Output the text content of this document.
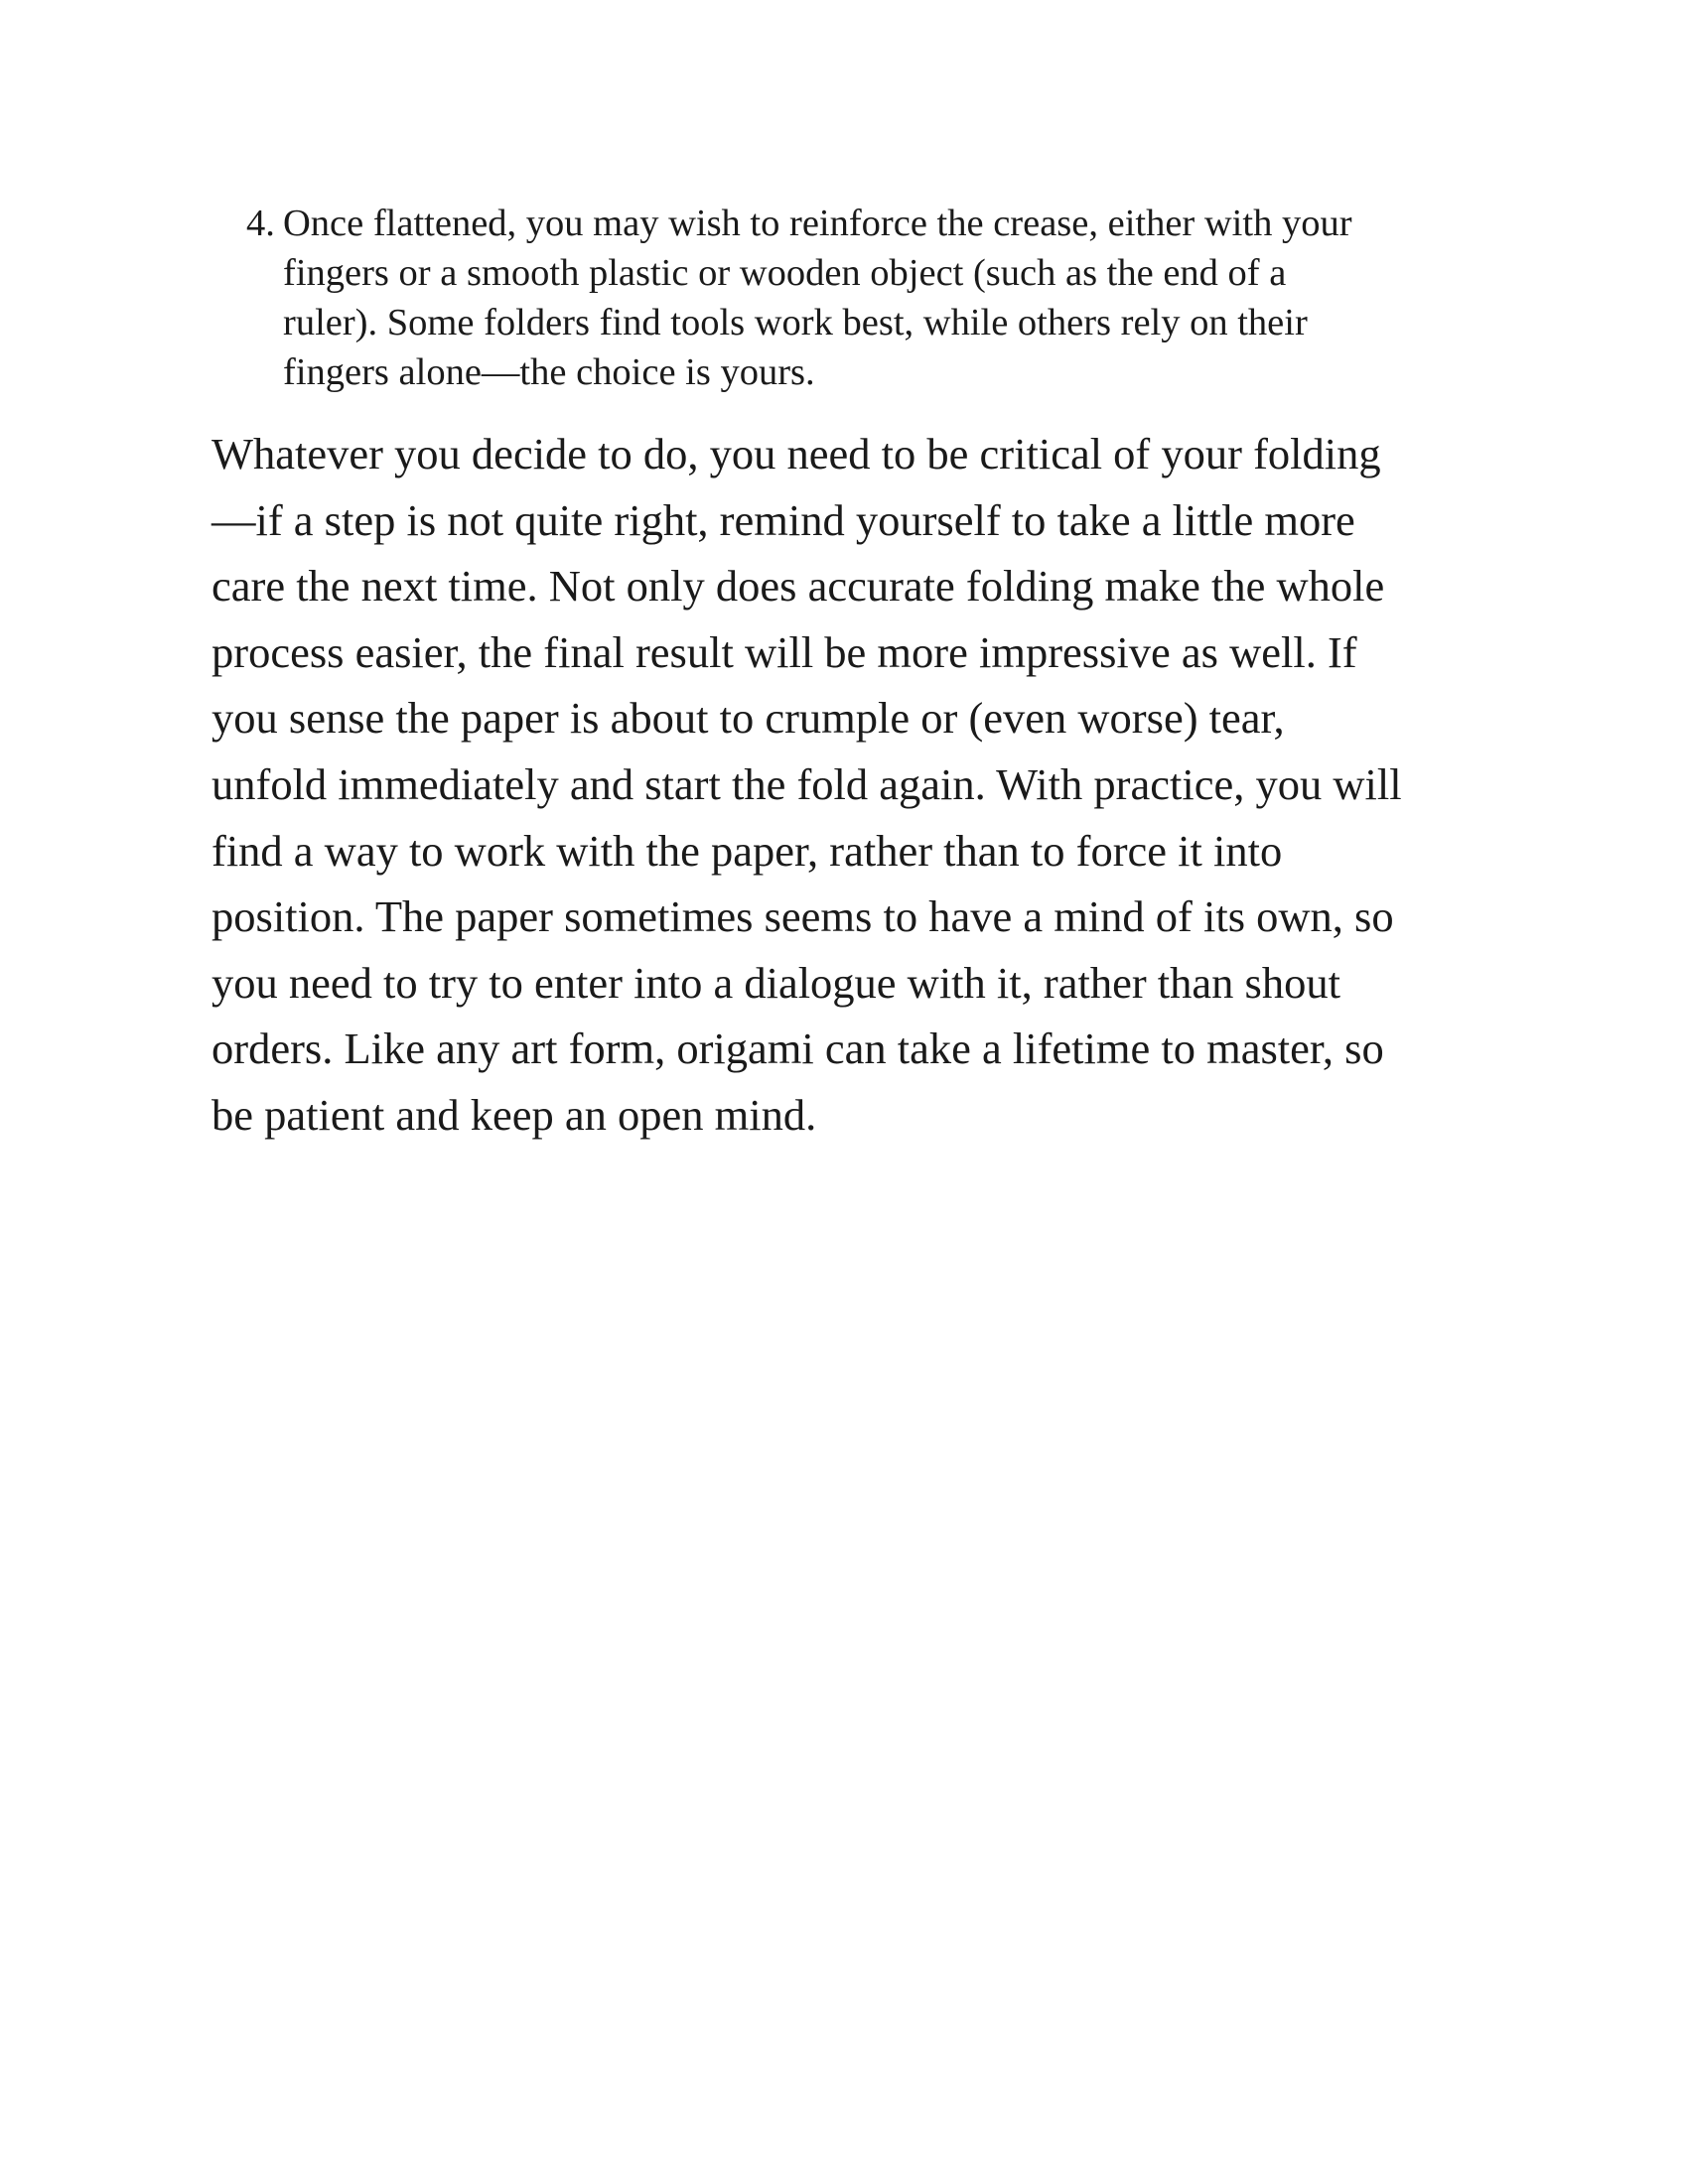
4. Once flattened, you may wish to reinforce the crease, either with your
fingers or a smooth plastic or wooden object (such as the end of a
ruler). Some folders find tools work best, while others rely on their
fingers alone—the choice is yours.
Whatever you decide to do, you need to be critical of your folding
—if a step is not quite right, remind yourself to take a little more
care the next time. Not only does accurate folding make the whole
process easier, the final result will be more impressive as well. If
you sense the paper is about to crumple or (even worse) tear,
unfold immediately and start the fold again. With practice, you will
find a way to work with the paper, rather than to force it into
position. The paper sometimes seems to have a mind of its own, so
you need to try to enter into a dialogue with it, rather than shout
orders. Like any art form, origami can take a lifetime to master, so
be patient and keep an open mind.
